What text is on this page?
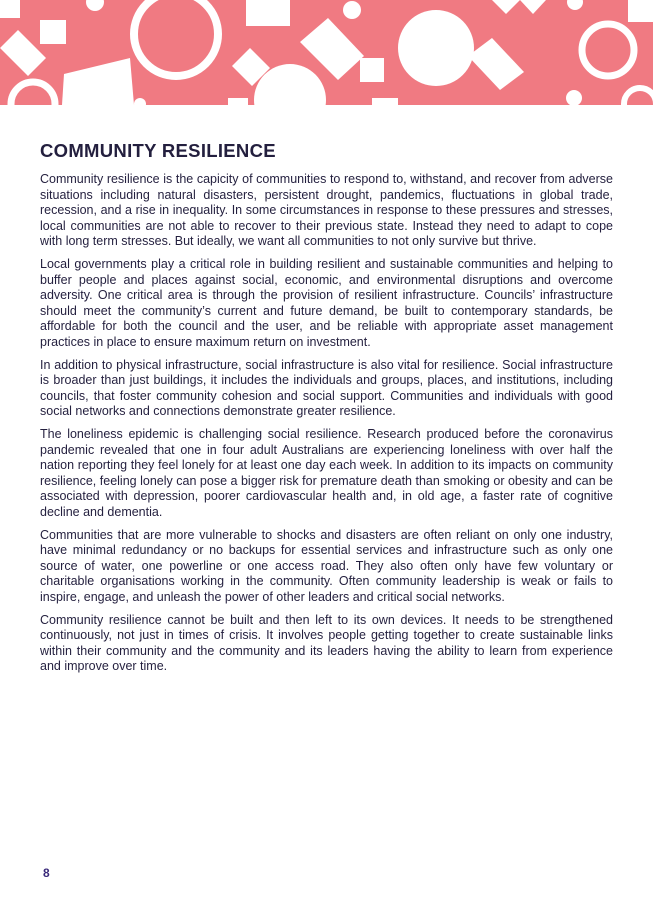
COMMUNITY RESILIENCE

Community resilience is the capicity of communities to respond to, withstand, and recover from adverse situations including natural disasters, persistent drought, pandemics, fluctuations in global trade, recession, and a rise in inequality. In some circumstances in response to these pressures and stresses, local communities are not able to recover to their previous state. Instead they need to adapt to cope with long term stresses. But ideally, we want all communities to not only survive but thrive.

Local governments play a critical role in building resilient and sustainable communities and helping to buffer people and places against social, economic, and environmental disruptions and overcome adversity. One critical area is through the provision of resilient infrastructure. Councils’ infrastructure should meet the community’s current and future demand, be built to contemporary standards, be affordable for both the council and the user, and be reliable with appropriate asset management practices in place to ensure maximum return on investment.

In addition to physical infrastructure, social infrastructure is also vital for resilience. Social infrastructure is broader than just buildings, it includes the individuals and groups, places, and institutions, including councils, that foster community cohesion and social support. Communities and individuals with good social networks and connections demonstrate greater resilience.

The loneliness epidemic is challenging social resilience. Research produced before the coronavirus pandemic revealed that one in four adult Australians are experiencing loneliness with over half the nation reporting they feel lonely for at least one day each week. In addition to its impacts on community resilience, feeling lonely can pose a bigger risk for premature death than smoking or obesity and can be associated with depression, poorer cardiovascular health and, in old age, a faster rate of cognitive decline and dementia.

Communities that are more vulnerable to shocks and disasters are often reliant on only one industry, have minimal redundancy or no backups for essential services and infrastructure such as only one source of water, one powerline or one access road. They also often only have few voluntary or charitable organisations working in the community. Often community leadership is weak or fails to inspire, engage, and unleash the power of other leaders and critical social networks.

Community resilience cannot be built and then left to its own devices. It needs to be strengthened continuously, not just in times of crisis. It involves people getting together to create sustainable links within their community and the community and its leaders having the ability to learn from experience and improve over time.

8
